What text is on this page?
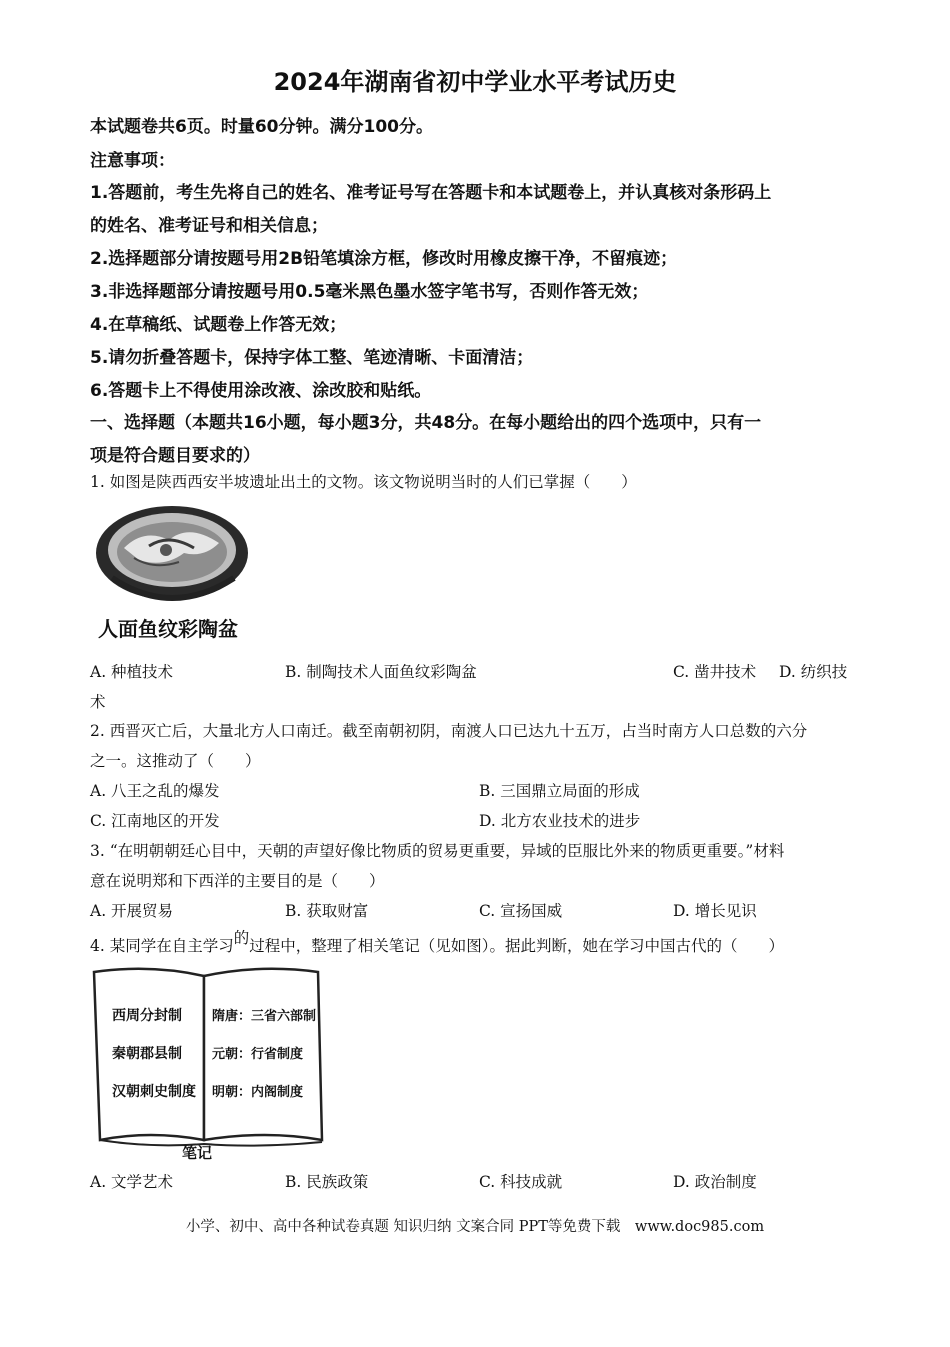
2024年湖南省初中学业水平考试历史
本试题卷共6页。时量60分钟。满分100分。
注意事项：
1.答题前，考生先将自己的姓名、准考证号写在答题卡和本试题卷上，并认真核对条形码上
的姓名、准考证号和相关信息；
2.选择题部分请按题号用2B铅笔填涂方框，修改时用橡皮擦干净，不留痕迹；
3.非选择题部分请按题号用0.5毫米黑色墨水签字笔书写，否则作答无效；
4.在草稿纸、试题卷上作答无效；
5.请勿折叠答题卡，保持字体工整、笔迹清晰、卡面清洁；
6.答题卡上不得使用涂改液、涂改胶和贴纸。
一、选择题（本题共16小题，每小题3分，共48分。在每小题给出的四个选项中，只有一
项是符合题目要求的）
1. 如图是陕西西安半坡遗址出土的文物。该文物说明当时的人们已掌握（　　）
人面鱼纹彩陶盆
A. 种植技术	B. 制陶技术人面鱼纹彩陶盆	C. 凿井技术 D. 纺织技
术
2. 西晋灭亡后，大量北方人口南迁。截至南朝初阴，南渡人口已达九十五万，占当时南方人口总数的六分
之一。这推动了（　　）
A. 八王之乱的爆发	B. 三国鼎立局面的形成
C. 江南地区的开发	D. 北方农业技术的进步
3. “在明朝朝廷心目中，天朝的声望好像比物质的贸易更重要，异域的臣服比外来的物质更重要。”材料
意在说明郑和下西洋的主要目的是（　　）
A. 开展贸易	B. 获取财富	C. 宣扬国威	D. 增长见识
4. 某同学在自主学习的过程中，整理了相关笔记（见如图）。据此判断，她在学习中国古代的（　　）
西周分封制
秦朝郡县制
汉朝刺史制度
隋唐：三省六部制
元朝：行省制度
明朝：内阁制度
笔记
A. 文学艺术	B. 民族政策	C. 科技成就	D. 政治制度
小学、初中、高中各种试卷真题 知识归纳 文案合同 PPT等免费下载　www.doc985.com
